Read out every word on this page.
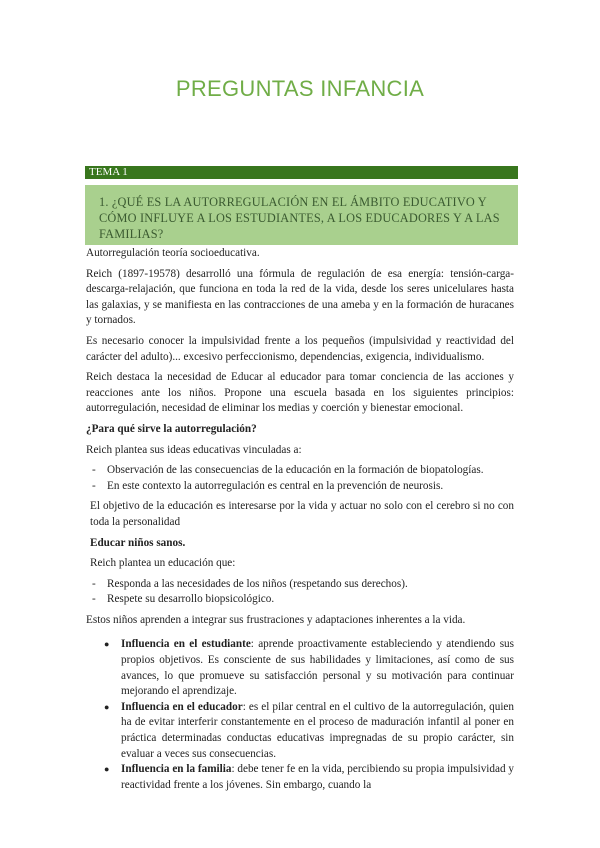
PREGUNTAS INFANCIA
TEMA 1

1. ¿QUÉ ES LA AUTORREGULACIÓN EN EL ÁMBITO EDUCATIVO Y CÓMO INFLUYE A LOS ESTUDIANTES, A LOS EDUCADORES Y A LAS FAMILIAS?

Autorregulación teoría socioeducativa.

Reich (1897-19578) desarrolló una fórmula de regulación de esa energía: tensión-carga-descarga-relajación, que funciona en toda la red de la vida, desde los seres unicelulares hasta las galaxias, y se manifiesta en las contracciones de una ameba y en la formación de huracanes y tornados.

Es necesario conocer la impulsividad frente a los pequeños (impulsividad y reactividad del carácter del adulto)... excesivo perfeccionismo, dependencias, exigencia, individualismo.

Reich destaca la necesidad de Educar al educador para tomar conciencia de las acciones y reacciones ante los niños. Propone una escuela basada en los siguientes principios: autorregulación, necesidad de eliminar los medias y coerción y bienestar emocional.

¿Para qué sirve la autorregulación?

Reich plantea sus ideas educativas vinculadas a:

-	Observación de las consecuencias de la educación en la formación de biopatologías.
-	En este contexto la autorregulación es central en la prevención de neurosis.

El objetivo de la educación es interesarse por la vida y actuar no solo con el cerebro si no con toda la personalidad

Educar niños sanos.

Reich plantea un educación que:

-	Responda a las necesidades de los niños (respetando sus derechos).
-	Respete su desarrollo biopsicológico.

Estos niños aprenden a integrar sus frustraciones y adaptaciones inherentes a la vida.

●	Influencia en el estudiante: aprende proactivamente estableciendo y atendiendo sus propios objetivos. Es consciente de sus habilidades y limitaciones, así como de sus avances, lo que promueve su satisfacción personal y su motivación para continuar mejorando el aprendizaje.
●	Influencia en el educador: es el pilar central en el cultivo de la autorregulación, quien ha de evitar interferir constantemente en el proceso de maduración infantil al poner en práctica determinadas conductas educativas impregnadas de su propio carácter, sin evaluar a veces sus consecuencias.
●	Influencia en la familia: debe tener fe en la vida, percibiendo su propia impulsividad y reactividad frente a los jóvenes. Sin embargo, cuando la
